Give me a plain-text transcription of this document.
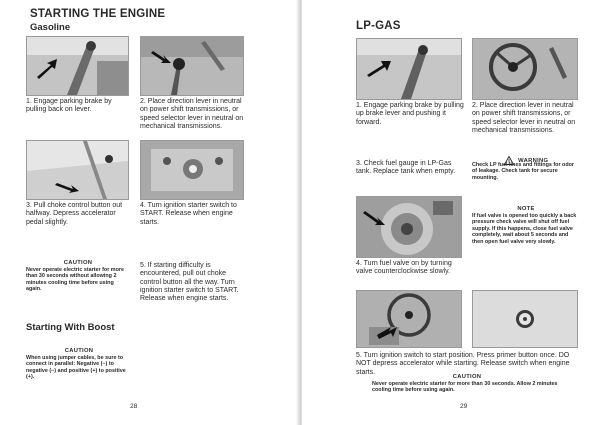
STARTING THE ENGINE
Gasoline
1. Engage parking brake by pulling back on lever.
2. Place direction lever in neutral on power shift transmissions, or speed selector lever in neutral on mechanical transmissions.
3. Pull choke control button out halfway. Depress accelerator pedal slightly.
4. Turn ignition starter switch to START. Release when engine starts.
CAUTION
Never operate electric starter for more than 30 seconds without allowing 2 minutes cooling time before using again.
5. If starting difficulty is encountered, pull out choke control button all the way. Turn ignition starter switch to START. Release when engine starts.
Starting With Boost
CAUTION
When using jumper cables, be sure to connect in parallel: Negative (−) to negative (−) and positive (+) to positive (+).
28
LP-GAS
1. Engage parking brake by pulling up brake lever and pushing it forward.
2. Place direction lever in neutral on power shift transmissions, or speed selector lever in neutral on mechanical transmissions.
3. Check fuel gauge in LP-Gas tank. Replace tank when empty.
WARNING
Check LP fuel lines and fittings for odor of leakage. Check tank for secure mounting.
NOTE
If fuel valve is opened too quickly a back pressure check valve will shut off fuel supply. If this happens, close fuel valve completely, wait about 5 seconds and then open fuel valve very slowly.
4. Turn fuel valve on by turning valve counterclockwise slowly.
5. Turn ignition switch to start position. Press primer button once. DO NOT depress accelerator while starting. Release switch when engine starts.
CAUTION
Never operate electric starter for more than 30 seconds. Allow 2 minutes cooling time before using again.
29
